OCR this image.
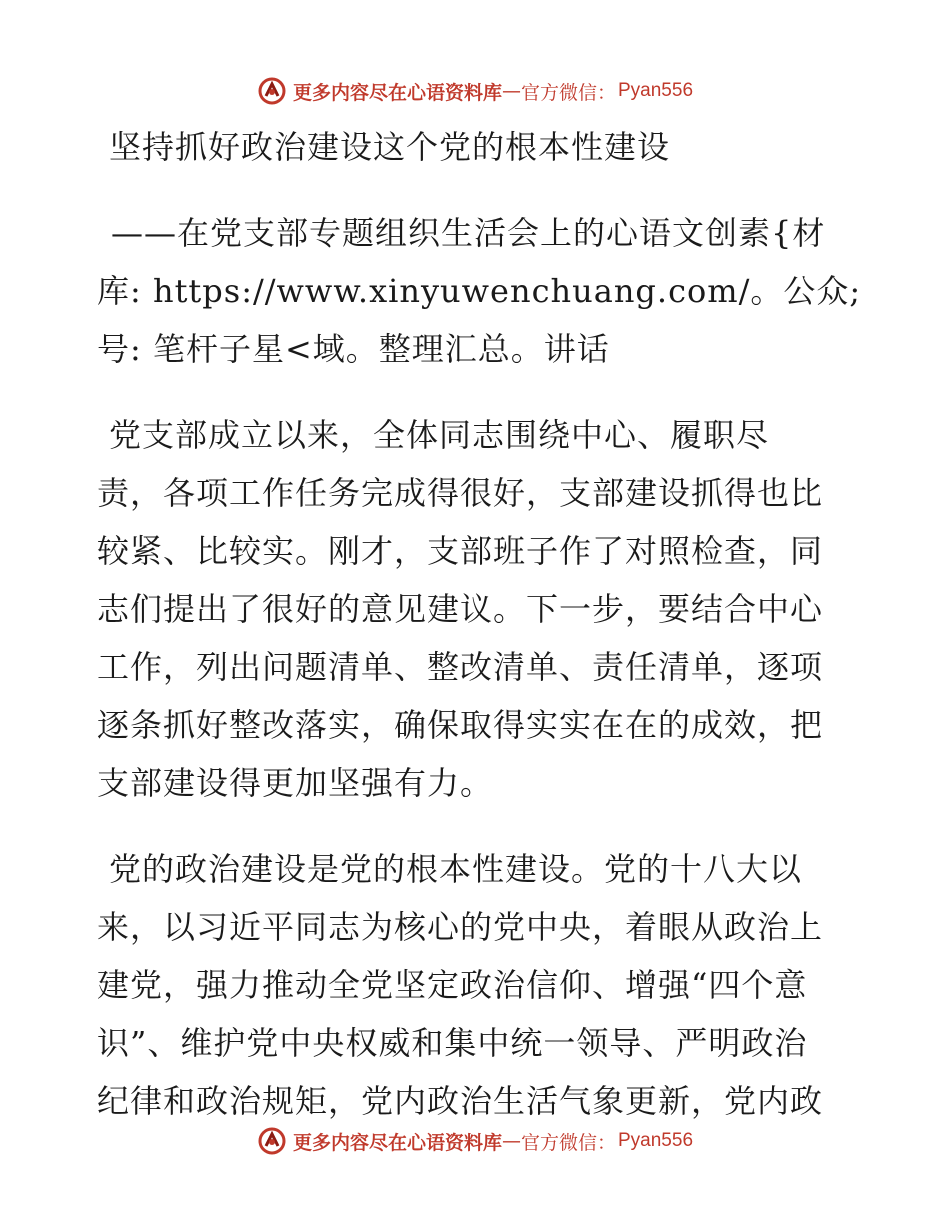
更多内容尽在心语资料库 — 官方微信： Pyan556
坚持抓好政治建设这个党的根本性建设
——在党支部专题组织生活会上的心语文创素{材
库: https://www.xinyuwenchuang.com/。公众;
号: 笔杆子星<域。整理汇总。讲话
党支部成立以来，全体同志围绕中心、履职尽
责，各项工作任务完成得很好，支部建设抓得也比
较紧、比较实。刚才，支部班子作了对照检查，同
志们提出了很好的意见建议。下一步，要结合中心
工作，列出问题清单、整改清单、责任清单，逐项
逐条抓好整改落实，确保取得实实在在的成效，把
支部建设得更加坚强有力。
党的政治建设是党的根本性建设。党的十八大以
来，以习近平同志为核心的党中央，着眼从政治上
建党，强力推动全党坚定政治信仰、增强“四个意
识”、维护党中央权威和集中统一领导、严明政治
纪律和政治规矩，党内政治生活气象更新，党内政
更多内容尽在心语资料库 — 官方微信： Pyan556
